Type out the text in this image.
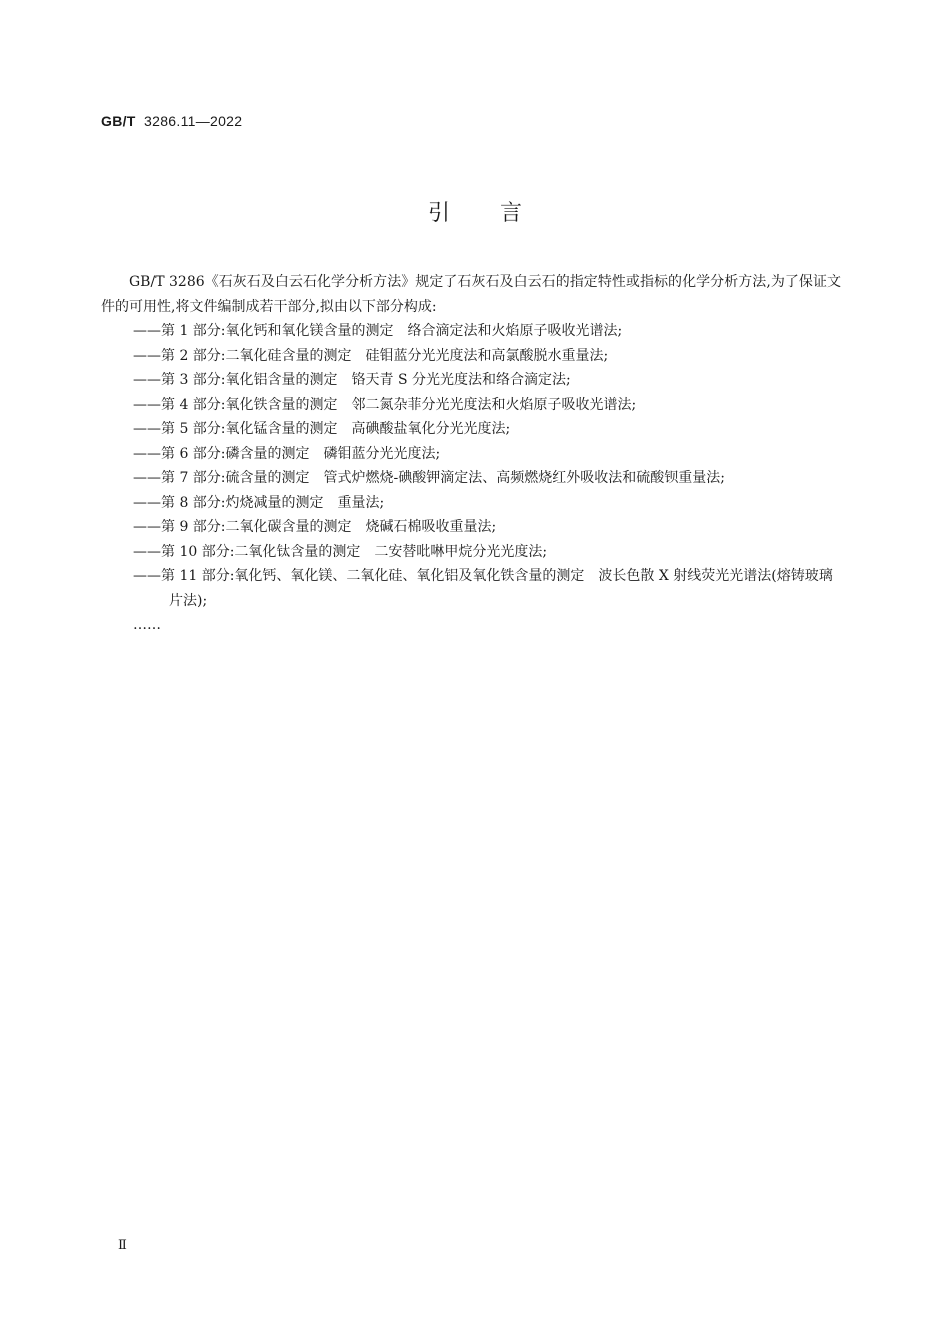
GB/T 3286.11—2022
引言

GB/T 3286《石灰石及白云石化学分析方法》规定了石灰石及白云石的指定特性或指标的化学分析方法,为了保证文件的可用性,将文件编制成若干部分,拟由以下部分构成:

——第 1 部分:氧化钙和氧化镁含量的测定　络合滴定法和火焰原子吸收光谱法;
——第 2 部分:二氧化硅含量的测定　硅钼蓝分光光度法和高氯酸脱水重量法;
——第 3 部分:氧化铝含量的测定　铬天青 S 分光光度法和络合滴定法;
——第 4 部分:氧化铁含量的测定　邻二氮杂菲分光光度法和火焰原子吸收光谱法;
——第 5 部分:氧化锰含量的测定　高碘酸盐氧化分光光度法;
——第 6 部分:磷含量的测定　磷钼蓝分光光度法;
——第 7 部分:硫含量的测定　管式炉燃烧-碘酸钾滴定法、高频燃烧红外吸收法和硫酸钡重量法;
——第 8 部分:灼烧减量的测定　重量法;
——第 9 部分:二氧化碳含量的测定　烧碱石棉吸收重量法;
——第 10 部分:二氧化钛含量的测定　二安替吡啉甲烷分光光度法;
——第 11 部分:氧化钙、氧化镁、二氧化硅、氧化铝及氧化铁含量的测定　波长色散 X 射线荧光光谱法(熔铸玻璃片法);
……
Ⅱ
